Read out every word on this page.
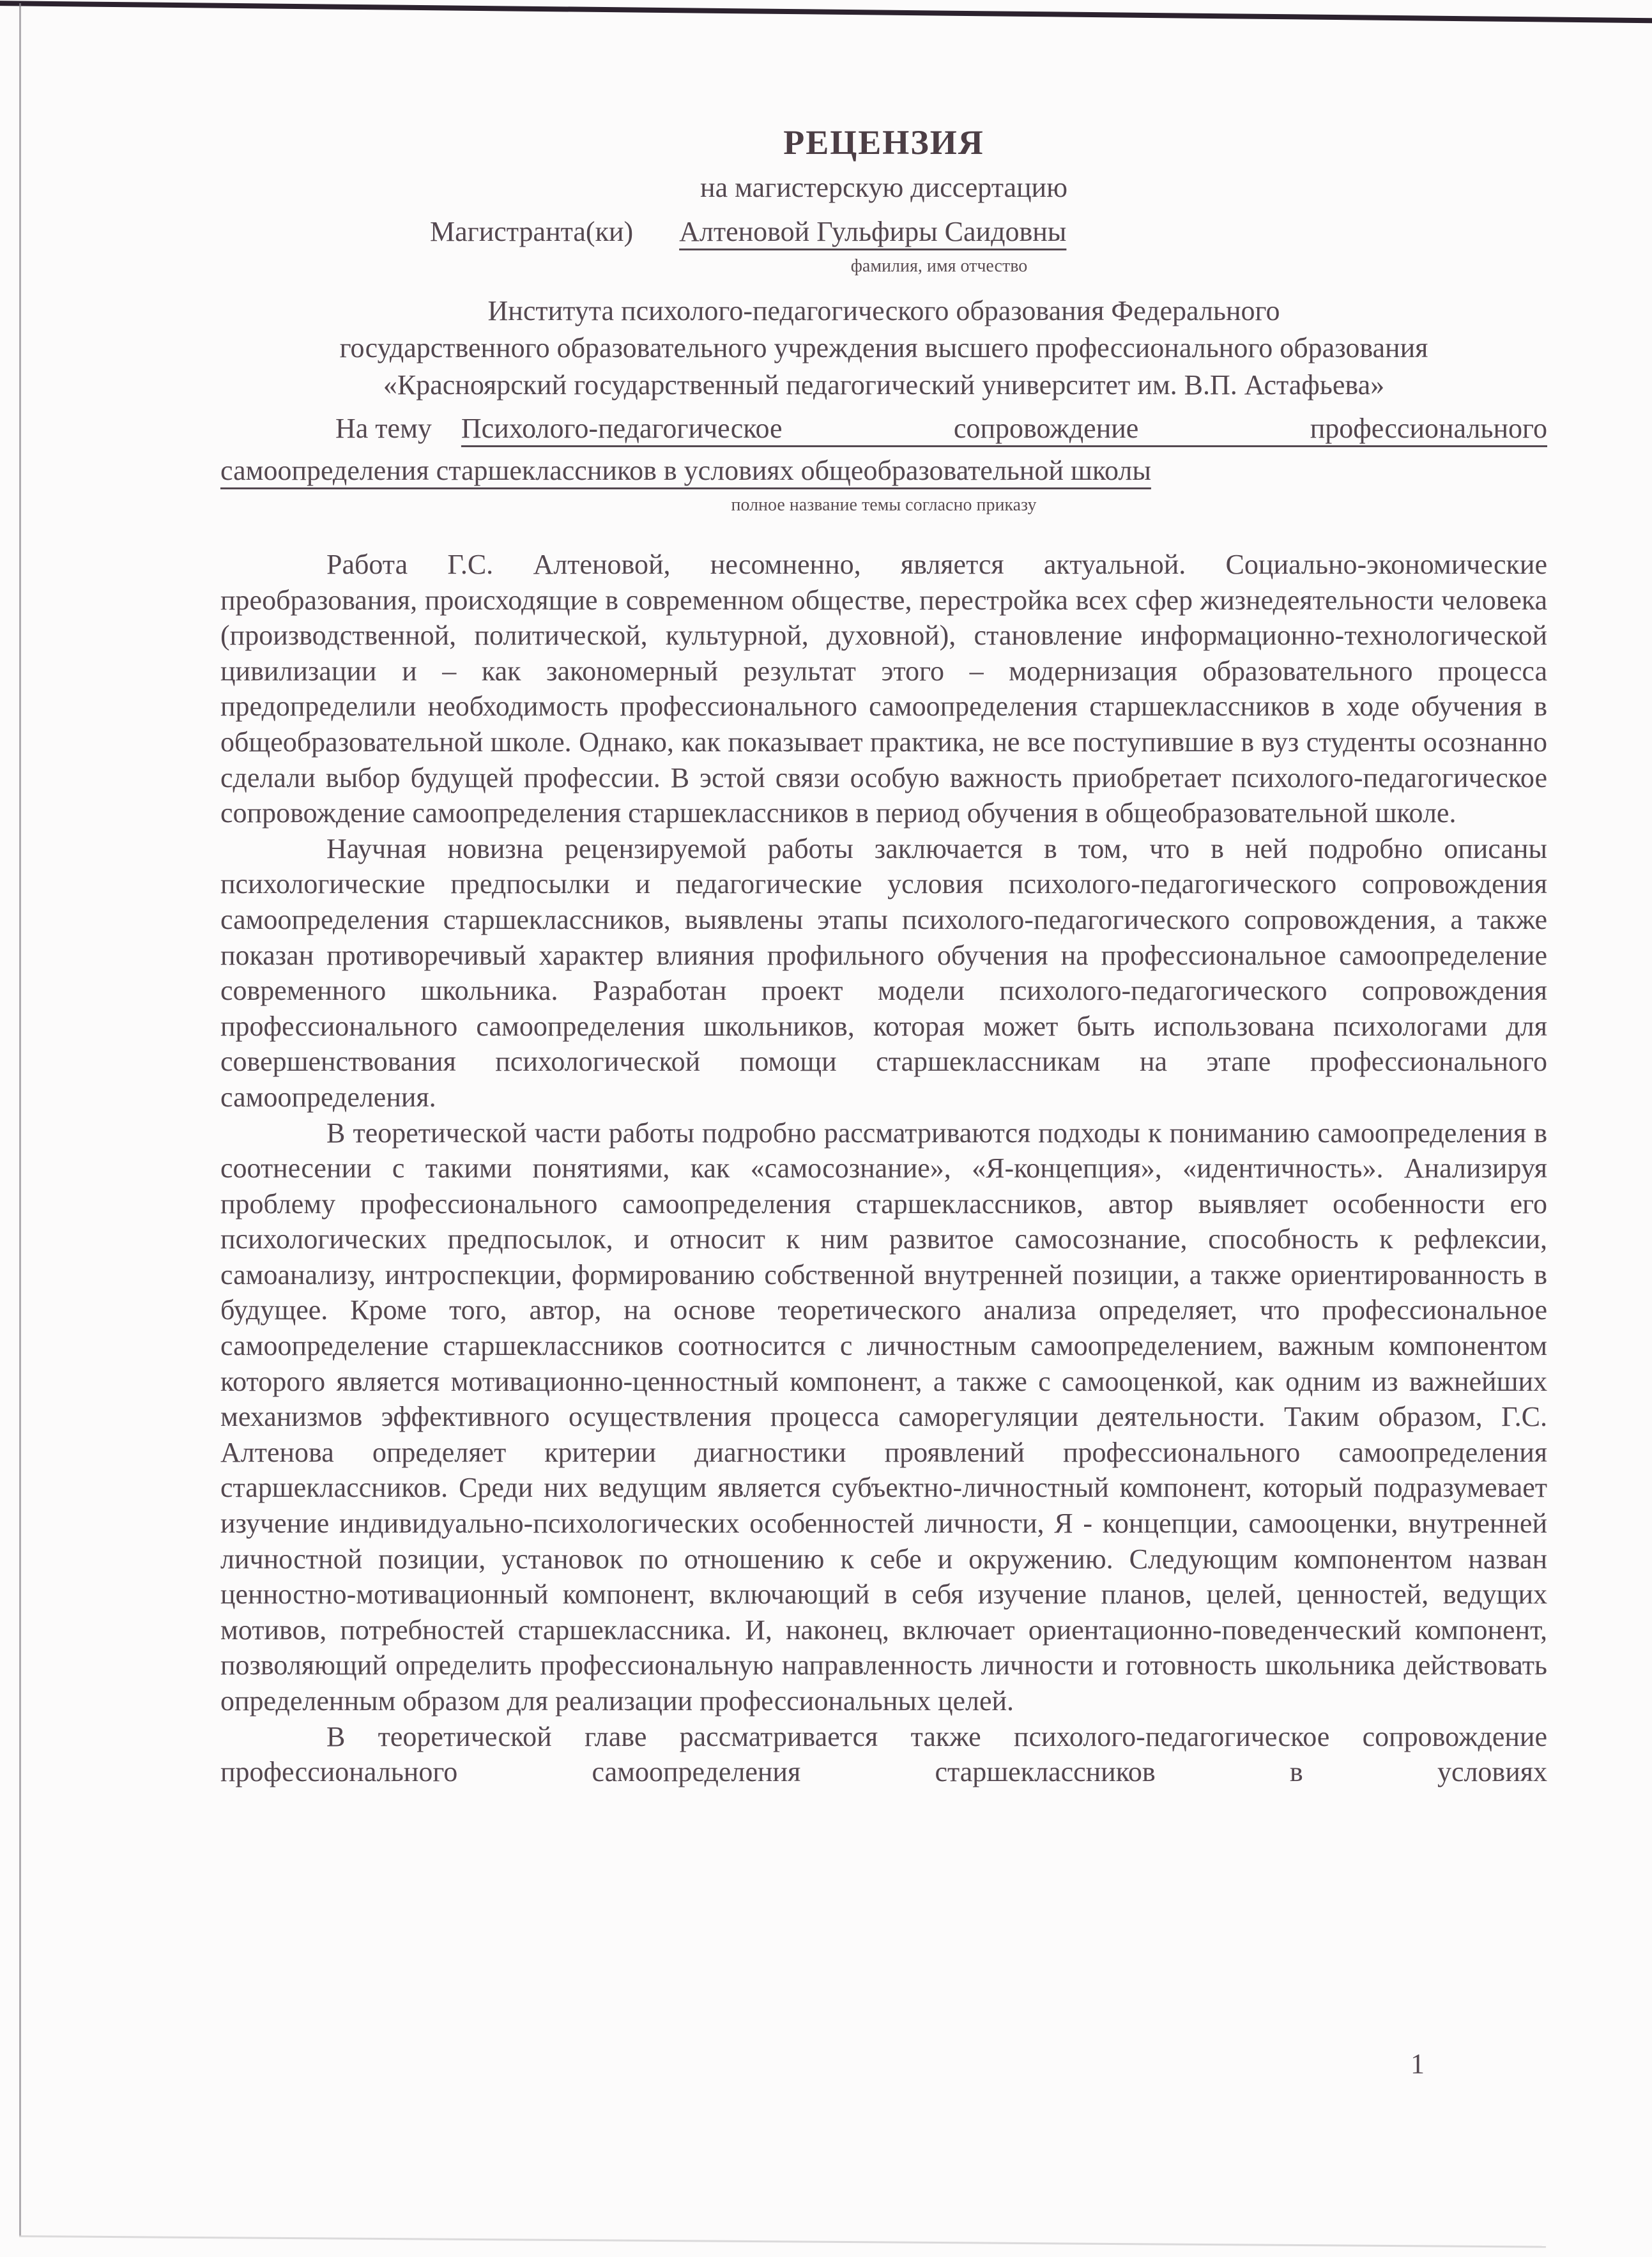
РЕЦЕНЗИЯ
на магистерскую диссертацию
Магистранта(ки) Алтеновой Гульфиры Саидовны
фамилия, имя отчество
Института психолого-педагогического образования Федерального
государственного образовательного учреждения высшего профессионального образования
«Красноярский государственный педагогический университет им. В.П. Астафьева»
На тему Психолого-педагогическое сопровождение профессионального
самоопределения старшеклассников в условиях общеобразовательной школы
полное название темы согласно приказу

Работа Г.С. Алтеновой, несомненно, является актуальной. Социально-экономические преобразования, происходящие в современном обществе, перестройка всех сфер жизнедеятельности человека (производственной, политической, культурной, духовной), становление информационно-технологической цивилизации и – как закономерный результат этого – модернизация образовательного процесса предопределили необходимость профессионального самоопределения старшеклассников в ходе обучения в общеобразовательной школе. Однако, как показывает практика, не все поступившие в вуз студенты осознанно сделали выбор будущей профессии. В эстой связи особую важность приобретает психолого-педагогическое сопровождение самоопределения старшеклассников в период обучения в общеобразовательной школе.

Научная новизна рецензируемой работы заключается в том, что в ней подробно описаны психологические предпосылки и педагогические условия психолого-педагогического сопровождения самоопределения старшеклассников, выявлены этапы психолого-педагогического сопровождения, а также показан противоречивый характер влияния профильного обучения на профессиональное самоопределение современного школьника. Разработан проект модели психолого-педагогического сопровождения профессионального самоопределения школьников, которая может быть использована психологами для совершенствования психологической помощи старшеклассникам на этапе профессионального самоопределения.

В теоретической части работы подробно рассматриваются подходы к пониманию самоопределения в соотнесении с такими понятиями, как «самосознание», «Я-концепция», «идентичность». Анализируя проблему профессионального самоопределения старшеклассников, автор выявляет особенности его психологических предпосылок, и относит к ним развитое самосознание, способность к рефлексии, самоанализу, интроспекции, формированию собственной внутренней позиции, а также ориентированность в будущее. Кроме того, автор, на основе теоретического анализа определяет, что профессиональное самоопределение старшеклассников соотносится с личностным самоопределением, важным компонентом которого является мотивационно-ценностный компонент, а также с самооценкой, как одним из важнейших механизмов эффективного осуществления процесса саморегуляции деятельности. Таким образом, Г.С. Алтенова определяет критерии диагностики проявлений профессионального самоопределения старшеклассников. Среди них ведущим является субъектно-личностный компонент, который подразумевает изучение индивидуально-психологических особенностей личности, Я - концепции, самооценки, внутренней личностной позиции, установок по отношению к себе и окружению. Следующим компонентом назван ценностно-мотивационный компонент, включающий в себя изучение планов, целей, ценностей, ведущих мотивов, потребностей старшеклассника. И, наконец, включает ориентационно-поведенческий компонент, позволяющий определить профессиональную направленность личности и готовность школьника действовать определенным образом для реализации профессиональных целей.

В теоретической главе рассматривается также психолого-педагогическое сопровождение профессионального самоопределения старшеклассников в условиях

1
